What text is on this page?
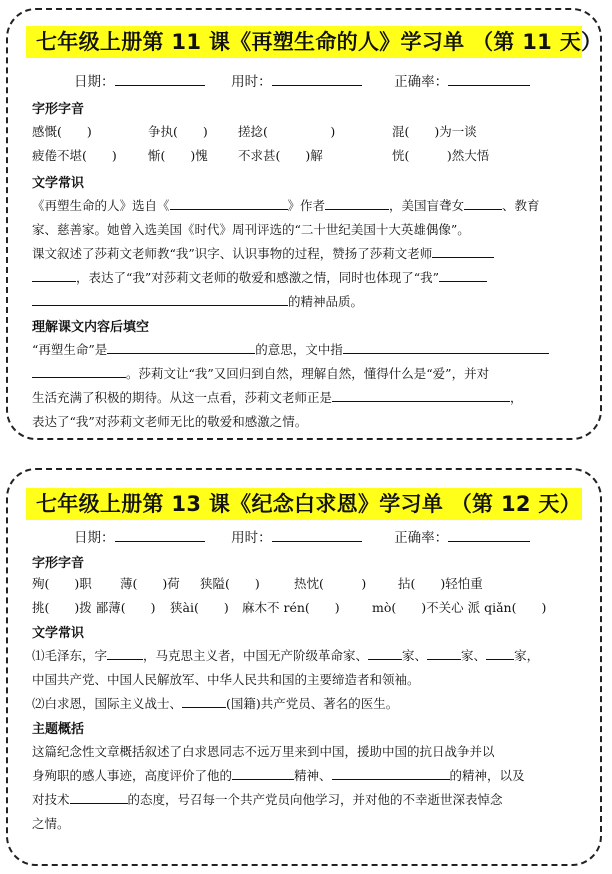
七年级上册第 11 课《再塑生命的人》学习单 （第 11 天）
日期：	用时：	正确率：
字形字音
感慨(　　)	争执(　　) 搓捻(　　　　　)	混(　　)为一谈
疲倦不堪(　　) 惭(　　)愧 不求甚(　　)解	恍(　　　)然大悟
文学常识
《再塑生命的人》选自《	》作者	，美国盲聋女	、教育
家、慈善家。她曾入选美国《时代》周刊评选的“二十世纪美国十大英雄偶像”。
课文叙述了莎莉文老师教“我”识字、认识事物的过程，赞扬了莎莉文老师
，表达了“我”对莎莉文老师的敬爱和感激之情，同时也体现了“我”
的精神品质。
理解课文内容后填空
“再塑生命”是	的意思，文中指
。莎莉文让“我”又回归到自然，理解自然，懂得什么是“爱”，并对
生活充满了积极的期待。从这一点看，莎莉文老师正是	，
表达了“我”对莎莉文老师无比的敬爱和感激之情。
七年级上册第 13 课《纪念白求恩》学习单 （第 12 天）
日期：	用时：	正确率：
字形字音
殉(　　)职 薄(　　)荷 狭隘(　　)	热忱(　　　)	拈(　　)轻怕重
挑(　　)拨 鄙薄(　　) 狭ài(　　) 麻木不 rén(　　)	mò(　　)不关心 派 qiǎn(　　)
文学常识
⑴毛泽东，字	，马克思主义者，中国无产阶级革命家、	家、	家、 家，
中国共产党、中国人民解放军、中华人民共和国的主要缔造者和领袖。
⑵白求恩，国际主义战士、	(国籍)共产党员、著名的医生。
主题概括
这篇纪念性文章概括叙述了白求恩同志不远万里来到中国，援助中国的抗日战争并以
身殉职的感人事迹，高度评价了他的	精神、	的精神，以及
对技术	的态度，号召每一个共产党员向他学习，并对他的不幸逝世深表悼念
之情。
